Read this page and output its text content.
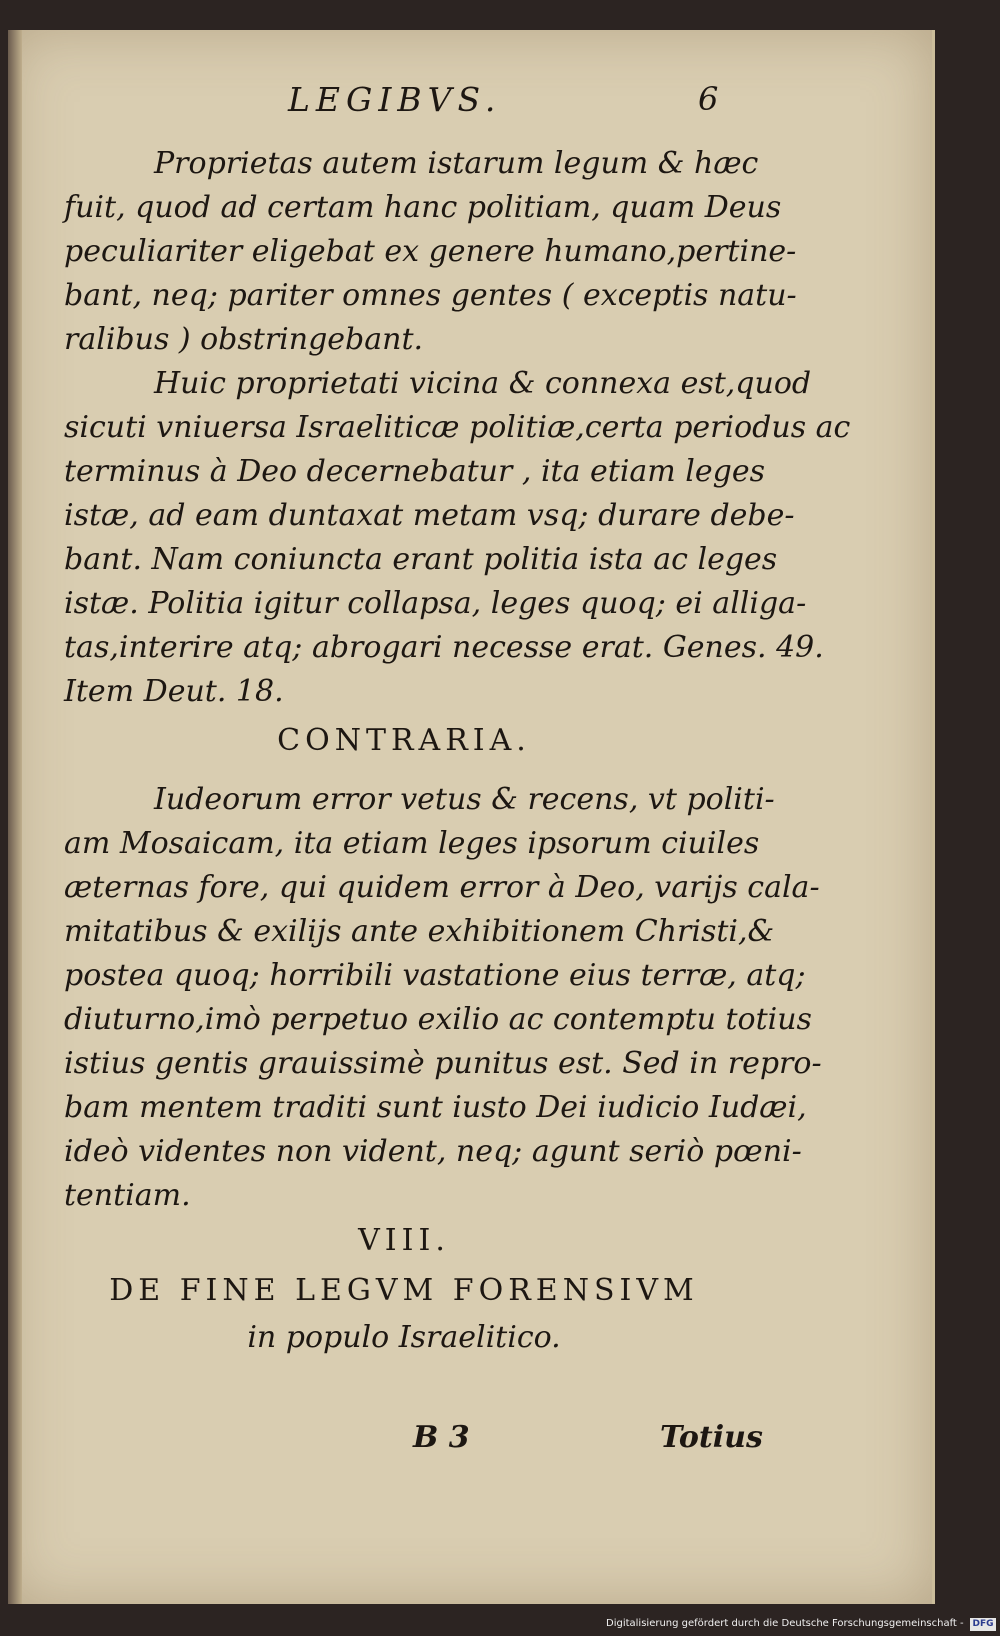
LEGIBVS.	6
Proprietas autem istarum legum & hæc
fuit, quod ad certam hanc politiam, quam Deus
peculiariter eligebat ex genere humano,pertine-
bant, neq; pariter omnes gentes ( exceptis natu-
ralibus ) obstringebant.
Huic proprietati vicina & connexa est,quod
sicuti vniuersa Israeliticæ politiæ,certa periodus ac
terminus à Deo decernebatur , ita etiam leges
istæ, ad eam duntaxat metam vsq; durare debe-
bant. Nam coniuncta erant politia ista ac leges
istæ. Politia igitur collapsa, leges quoq; ei alliga-
tas,interire atq; abrogari necesse erat. Genes. 49.
Item Deut. 18.
CONTRARIA.
Iudeorum error vetus & recens, vt politi-
am Mosaicam, ita etiam leges ipsorum ciuiles
æternas fore, qui quidem error à Deo, varijs cala-
mitatibus & exilijs ante exhibitionem Christi,&
postea quoq; horribili vastatione eius terræ, atq;
diuturno,imò perpetuo exilio ac contemptu totius
istius gentis grauissimè punitus est. Sed in repro-
bam mentem traditi sunt iusto Dei iudicio Iudæi,
ideò videntes non vident, neq; agunt seriò pœni-
tentiam.
VIII.
DE FINE LEGVM FORENSIVM
in populo Israelitico.
B 3	Totius
Digitalisierung gefördert durch die Deutsche Forschungsgemeinschaft - DFG
